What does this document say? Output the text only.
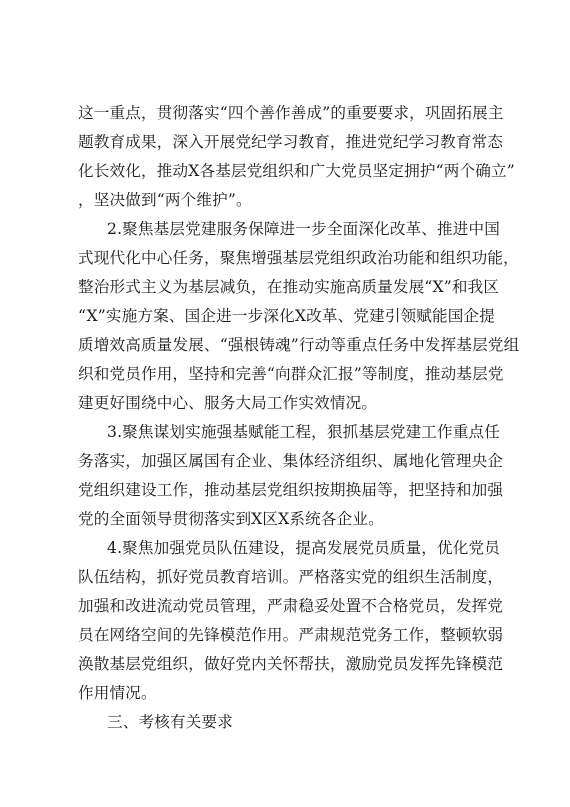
这一重点，贯彻落实“四个善作善成”的重要要求，巩固拓展主
题教育成果，深入开展党纪学习教育，推进党纪学习教育常态
化长效化，推动X各基层党组织和广大党员坚定拥护“两个确立”
，坚决做到“两个维护”。
2.聚焦基层党建服务保障进一步全面深化改革、推进中国
式现代化中心任务，聚焦增强基层党组织政治功能和组织功能，
整治形式主义为基层减负，在推动实施高质量发展“X”和我区
“X”实施方案、国企进一步深化X改革、党建引领赋能国企提
质增效高质量发展、“强根铸魂”行动等重点任务中发挥基层党组
织和党员作用，坚持和完善“向群众汇报”等制度，推动基层党
建更好围绕中心、服务大局工作实效情况。
3.聚焦谋划实施强基赋能工程，狠抓基层党建工作重点任
务落实，加强区属国有企业、集体经济组织、属地化管理央企
党组织建设工作，推动基层党组织按期换届等，把坚持和加强
党的全面领导贯彻落实到X区X系统各企业。
4.聚焦加强党员队伍建设，提高发展党员质量，优化党员
队伍结构，抓好党员教育培训。严格落实党的组织生活制度，
加强和改进流动党员管理，严肃稳妥处置不合格党员，发挥党
员在网络空间的先锋模范作用。严肃规范党务工作，整顿软弱
涣散基层党组织，做好党内关怀帮扶，激励党员发挥先锋模范
作用情况。
三、考核有关要求
